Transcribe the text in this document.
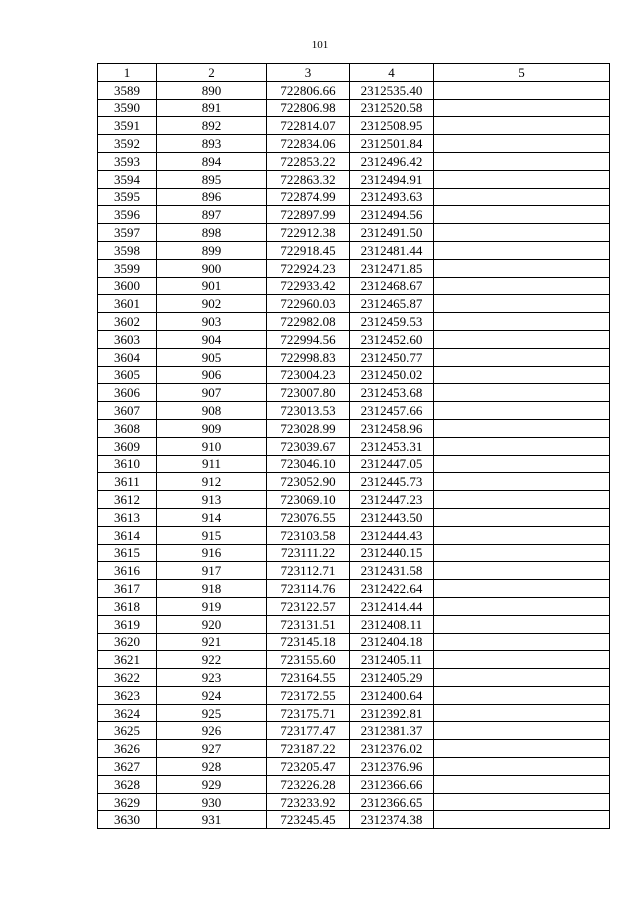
101
1	2	3	4	5
3589	890	722806.66	2312535.40	
3590	891	722806.98	2312520.58	
3591	892	722814.07	2312508.95	
3592	893	722834.06	2312501.84	
3593	894	722853.22	2312496.42	
3594	895	722863.32	2312494.91	
3595	896	722874.99	2312493.63	
3596	897	722897.99	2312494.56	
3597	898	722912.38	2312491.50	
3598	899	722918.45	2312481.44	
3599	900	722924.23	2312471.85	
3600	901	722933.42	2312468.67	
3601	902	722960.03	2312465.87	
3602	903	722982.08	2312459.53	
3603	904	722994.56	2312452.60	
3604	905	722998.83	2312450.77	
3605	906	723004.23	2312450.02	
3606	907	723007.80	2312453.68	
3607	908	723013.53	2312457.66	
3608	909	723028.99	2312458.96	
3609	910	723039.67	2312453.31	
3610	911	723046.10	2312447.05	
3611	912	723052.90	2312445.73	
3612	913	723069.10	2312447.23	
3613	914	723076.55	2312443.50	
3614	915	723103.58	2312444.43	
3615	916	723111.22	2312440.15	
3616	917	723112.71	2312431.58	
3617	918	723114.76	2312422.64	
3618	919	723122.57	2312414.44	
3619	920	723131.51	2312408.11	
3620	921	723145.18	2312404.18	
3621	922	723155.60	2312405.11	
3622	923	723164.55	2312405.29	
3623	924	723172.55	2312400.64	
3624	925	723175.71	2312392.81	
3625	926	723177.47	2312381.37	
3626	927	723187.22	2312376.02	
3627	928	723205.47	2312376.96	
3628	929	723226.28	2312366.66	
3629	930	723233.92	2312366.65	
3630	931	723245.45	2312374.38	
